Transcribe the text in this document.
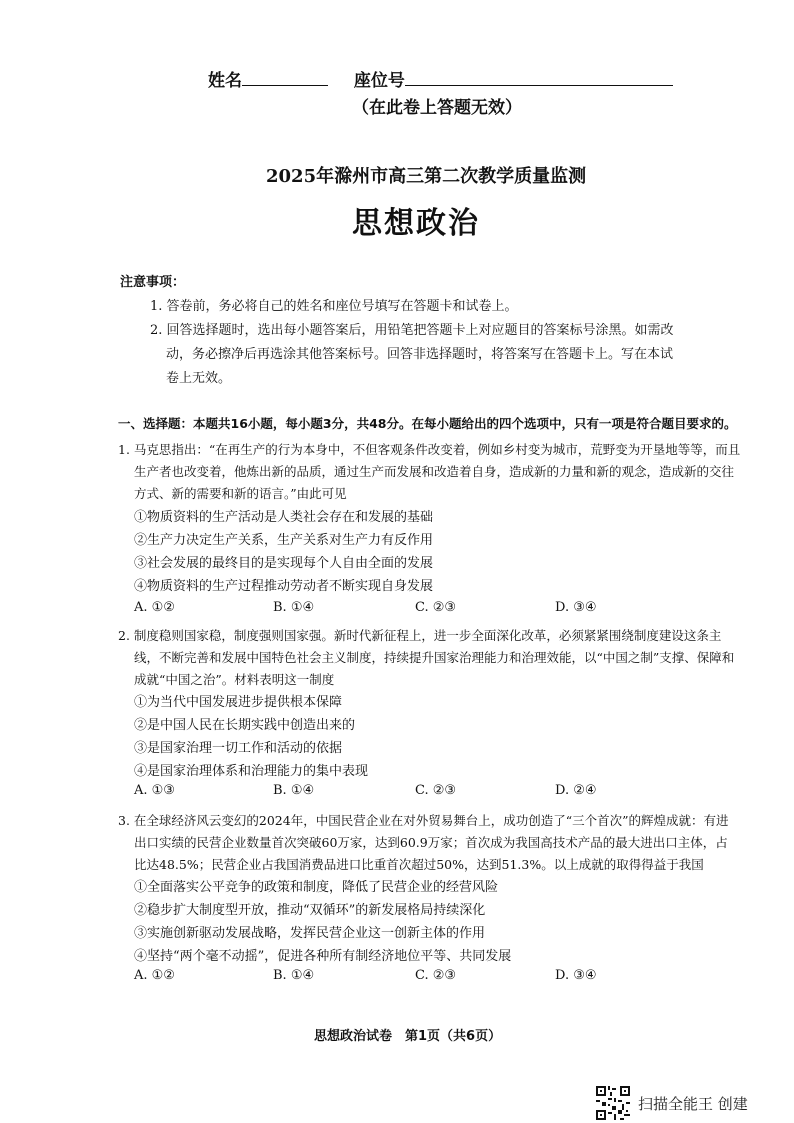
姓名	座位号
（在此卷上答题无效）
2025年滁州市高三第二次教学质量监测
思想政治
注意事项：
1. 答卷前，务必将自己的姓名和座位号填写在答题卡和试卷上。
2. 回答选择题时，选出每小题答案后，用铅笔把答题卡上对应题目的答案标号涂黑。如需改
动，务必擦净后再选涂其他答案标号。回答非选择题时，将答案写在答题卡上。写在本试
卷上无效。
一、选择题：本题共16小题，每小题3分，共48分。在每小题给出的四个选项中，只有一项是符合题目要求的。
1. 马克思指出：“在再生产的行为本身中，不但客观条件改变着，例如乡村变为城市，荒野变为开垦地等等，而且
生产者也改变着，他炼出新的品质，通过生产而发展和改造着自身，造成新的力量和新的观念，造成新的交往
方式、新的需要和新的语言。”由此可见
①物质资料的生产活动是人类社会存在和发展的基础
②生产力决定生产关系，生产关系对生产力有反作用
③社会发展的最终目的是实现每个人自由全面的发展
④物质资料的生产过程推动劳动者不断实现自身发展
A. ①②	B. ①④	C. ②③	D. ③④
2. 制度稳则国家稳，制度强则国家强。新时代新征程上，进一步全面深化改革，必须紧紧围绕制度建设这条主
线，不断完善和发展中国特色社会主义制度，持续提升国家治理能力和治理效能，以“中国之制”支撑、保障和
成就“中国之治”。材料表明这一制度
①为当代中国发展进步提供根本保障
②是中国人民在长期实践中创造出来的
③是国家治理一切工作和活动的依据
④是国家治理体系和治理能力的集中表现
A. ①③	B. ①④	C. ②③	D. ②④
3. 在全球经济风云变幻的2024年，中国民营企业在对外贸易舞台上，成功创造了“三个首次”的辉煌成就：有进
出口实绩的民营企业数量首次突破60万家，达到60.9万家；首次成为我国高技术产品的最大进出口主体，占
比达48.5%；民营企业占我国消费品进口比重首次超过50%，达到51.3%。以上成就的取得得益于我国
①全面落实公平竞争的政策和制度，降低了民营企业的经营风险
②稳步扩大制度型开放，推动“双循环”的新发展格局持续深化
③实施创新驱动发展战略，发挥民营企业这一创新主体的作用
④坚持“两个毫不动摇”，促进各种所有制经济地位平等、共同发展
A. ①②	B. ①④	C. ②③	D. ③④
思想政治试卷　第1页（共6页）
扫描全能王 创建
